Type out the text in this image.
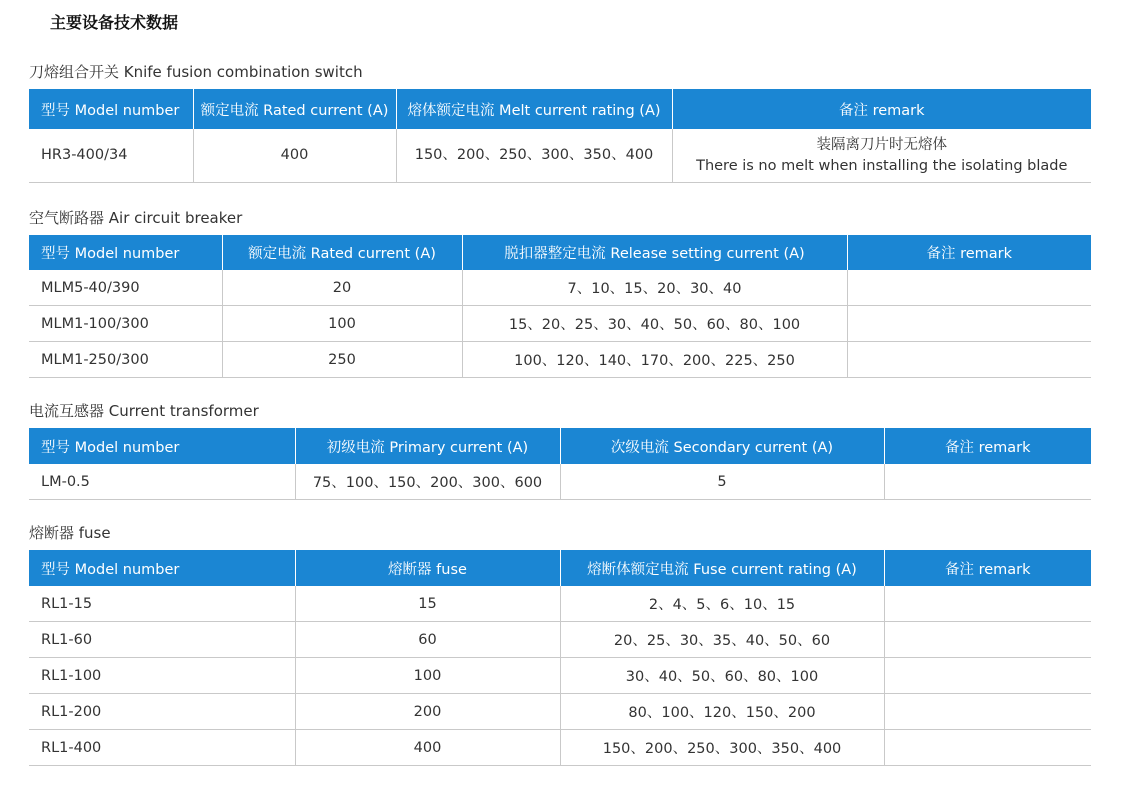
主要设备技术数据
刀熔组合开关 Knife fusion combination switch
型号 Model number	额定电流 Rated current (A)	熔体额定电流 Melt current rating (A)	备注 remark
HR3-400/34	400	150、200、250、300、350、400	装隔离刀片时无熔体
There is no melt when installing the isolating blade
空气断路器 Air circuit breaker
型号 Model number	额定电流 Rated current (A)	脱扣器整定电流 Release setting current (A)	备注 remark
MLM5-40/390	20	7、10、15、20、30、40	
MLM1-100/300	100	15、20、25、30、40、50、60、80、100	
MLM1-250/300	250	100、120、140、170、200、225、250	
电流互感器 Current transformer
型号 Model number	初级电流 Primary current (A)	次级电流 Secondary current (A)	备注 remark
LM-0.5	75、100、150、200、300、600	5	
熔断器 fuse
型号 Model number	熔断器 fuse	熔断体额定电流 Fuse current rating (A)	备注 remark
RL1-15	15	2、4、5、6、10、15	
RL1-60	60	20、25、30、35、40、50、60	
RL1-100	100	30、40、50、60、80、100	
RL1-200	200	80、100、120、150、200	
RL1-400	400	150、200、250、300、350、400	
